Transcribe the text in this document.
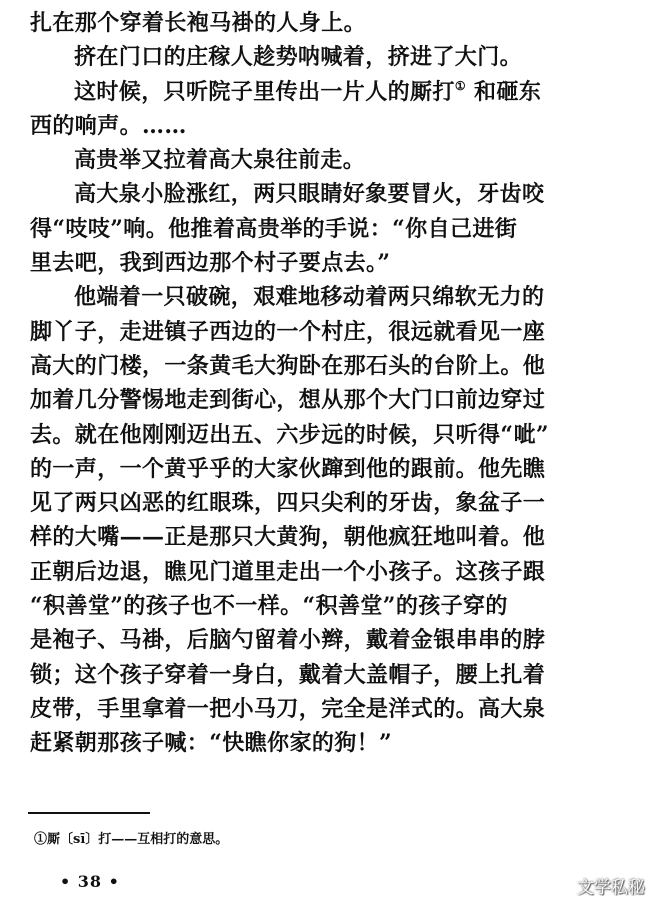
扎在那个穿着长袍马褂的人身上。
挤在门口的庄稼人趁势呐喊着，挤进了大门。
这时候，只听院子里传出一片人的厮打① 和砸东
西的响声。……
高贵举又拉着高大泉往前走。
高大泉小脸涨红，两只眼睛好象要冒火，牙齿咬
得“吱吱”响。他推着高贵举的手说：“你自己进街
里去吧，我到西边那个村子要点去。”
他端着一只破碗，艰难地移动着两只绵软无力的
脚丫子，走进镇子西边的一个村庄，很远就看见一座
高大的门楼，一条黄毛大狗卧在那石头的台阶上。他
加着几分警惕地走到街心，想从那个大门口前边穿过
去。就在他刚刚迈出五、六步远的时候，只听得“呲”
的一声，一个黄乎乎的大家伙蹿到他的跟前。他先瞧
见了两只凶恶的红眼珠，四只尖利的牙齿，象盆子一
样的大嘴——正是那只大黄狗，朝他疯狂地叫着。他
正朝后边退，瞧见门道里走出一个小孩子。这孩子跟
“积善堂”的孩子也不一样。“积善堂”的孩子穿的
是袍子、马褂，后脑勺留着小辫，戴着金银串串的脖
锁；这个孩子穿着一身白，戴着大盖帽子，腰上扎着
皮带，手里拿着一把小马刀，完全是洋式的。高大泉
赶紧朝那孩子喊：“快瞧你家的狗！”
①厮〔sī〕打——互相打的意思。
• 38 •	文学私秘
